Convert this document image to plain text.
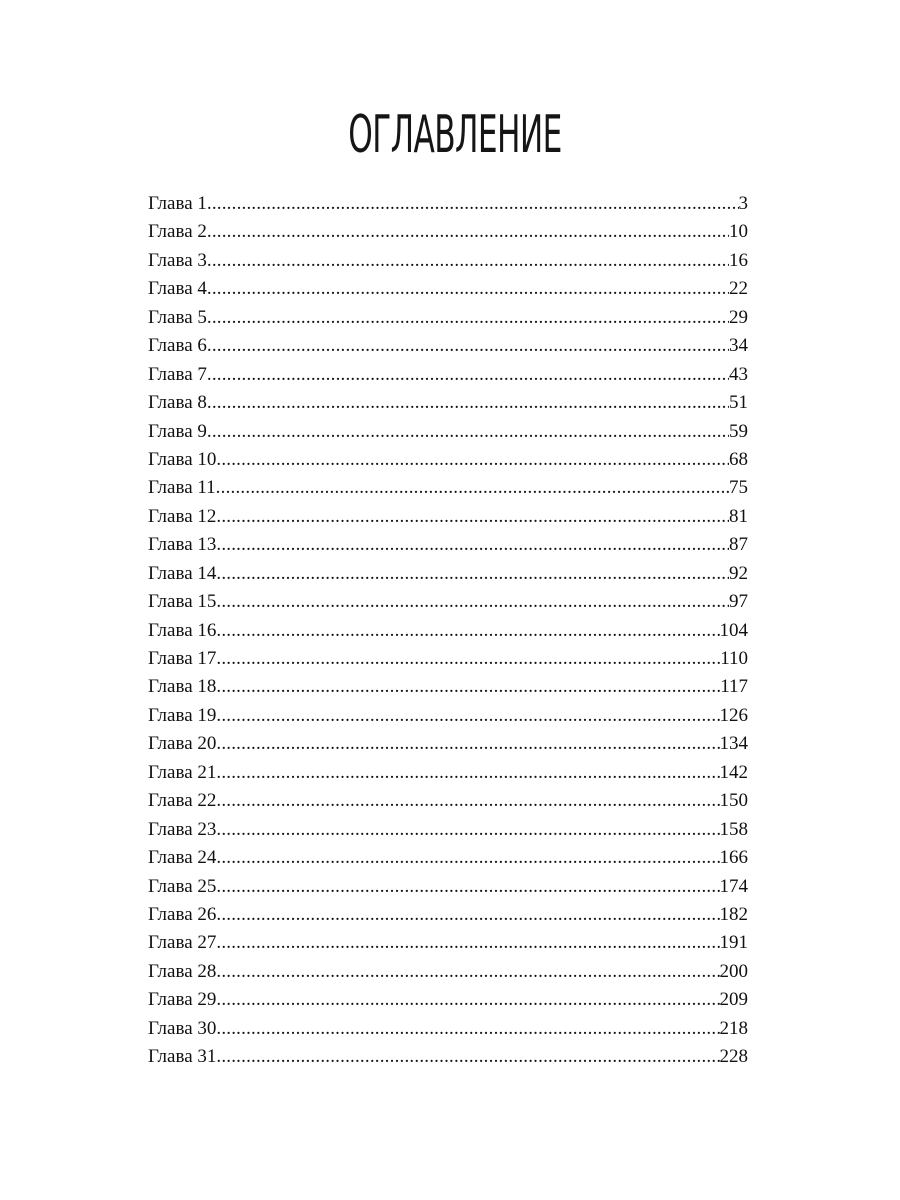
ОГЛАВЛЕНИЕ
Глава 1 .....	3
Глава 2 .....	10
Глава 3 .....	16
Глава 4 .....	22
Глава 5 .....	29
Глава 6 .....	34
Глава 7 .....	43
Глава 8 .....	51
Глава 9 .....	59
Глава 10 .....	68
Глава 11 .....	75
Глава 12 .....	81
Глава 13 .....	87
Глава 14 .....	92
Глава 15 .....	97
Глава 16 .....	104
Глава 17 .....	110
Глава 18 .....	117
Глава 19 .....	126
Глава 20 .....	134
Глава 21 .....	142
Глава 22 .....	150
Глава 23 .....	158
Глава 24 .....	166
Глава 25 .....	174
Глава 26 .....	182
Глава 27 .....	191
Глава 28 .....	200
Глава 29 .....	209
Глава 30 .....	218
Глава 31 .....	228
